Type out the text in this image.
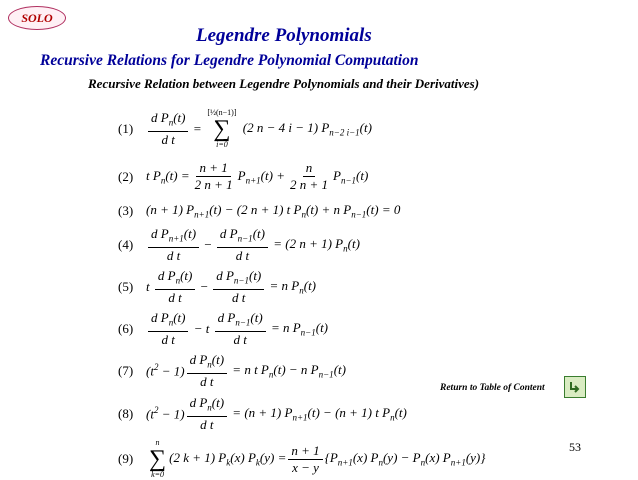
SOLO
Legendre Polynomials
Recursive Relations for Legendre Polynomial Computation
Recursive Relation between Legendre Polynomials and their Derivatives)
(1)	$\frac{d P_n(t)}{\text{d t}}$ =
[½(n−1)]
∑
i=0
(2 n − 4 i − 1) $P_{n-2 i-1}(t)$
(2) t $P_n(t) = \frac{n + 1}{2 n + 1} P_{n+1}(t) + \frac{n}{2 n + 1} P_{n-1}(t)$
(3) (n + 1) $P_{n+1}(t) - (2$ n + 1) t $P_n(t) + n$ $P_{n-1}(t) = 0$
(4)	$\frac{d P_{n+1}(t)}{\text{d t}} - \frac{d P_{n-1}(t)}{\text{d t}} = (2$ n + 1) $P_n(t)$
(5) t $\frac{d P_n(t)}{\text{d t}} - \frac{d P_{n-1}(t)}{\text{d t}} = n$ $P_n(t)$
(6)	$\frac{d P_n(t)}{\text{d t}} - t \frac{d P_{n-1}(t)}{\text{d t}} = n$ $P_{n-1}(t)$
(7) $(t^2 - 1) \frac{d P_n(t)}{\text{d t}} = n$ t $P_n(t) - n$ $P_{n-1}(t)$
(8) $(t^2 - 1) \frac{d P_n(t)}{\text{d t}} = (n + 1) P_{n+1}(t) - (n + 1)$ t $P_n(t)$
(9)
n
∑
k=0
(2 k + 1) $P_k(x) P_k(y) = \frac{n + 1}{x - y} \{P_{n+1}(x) P_n(y) - P_n(x)$ $P_{n+1}(y)$}
Return to Table of Content
53
